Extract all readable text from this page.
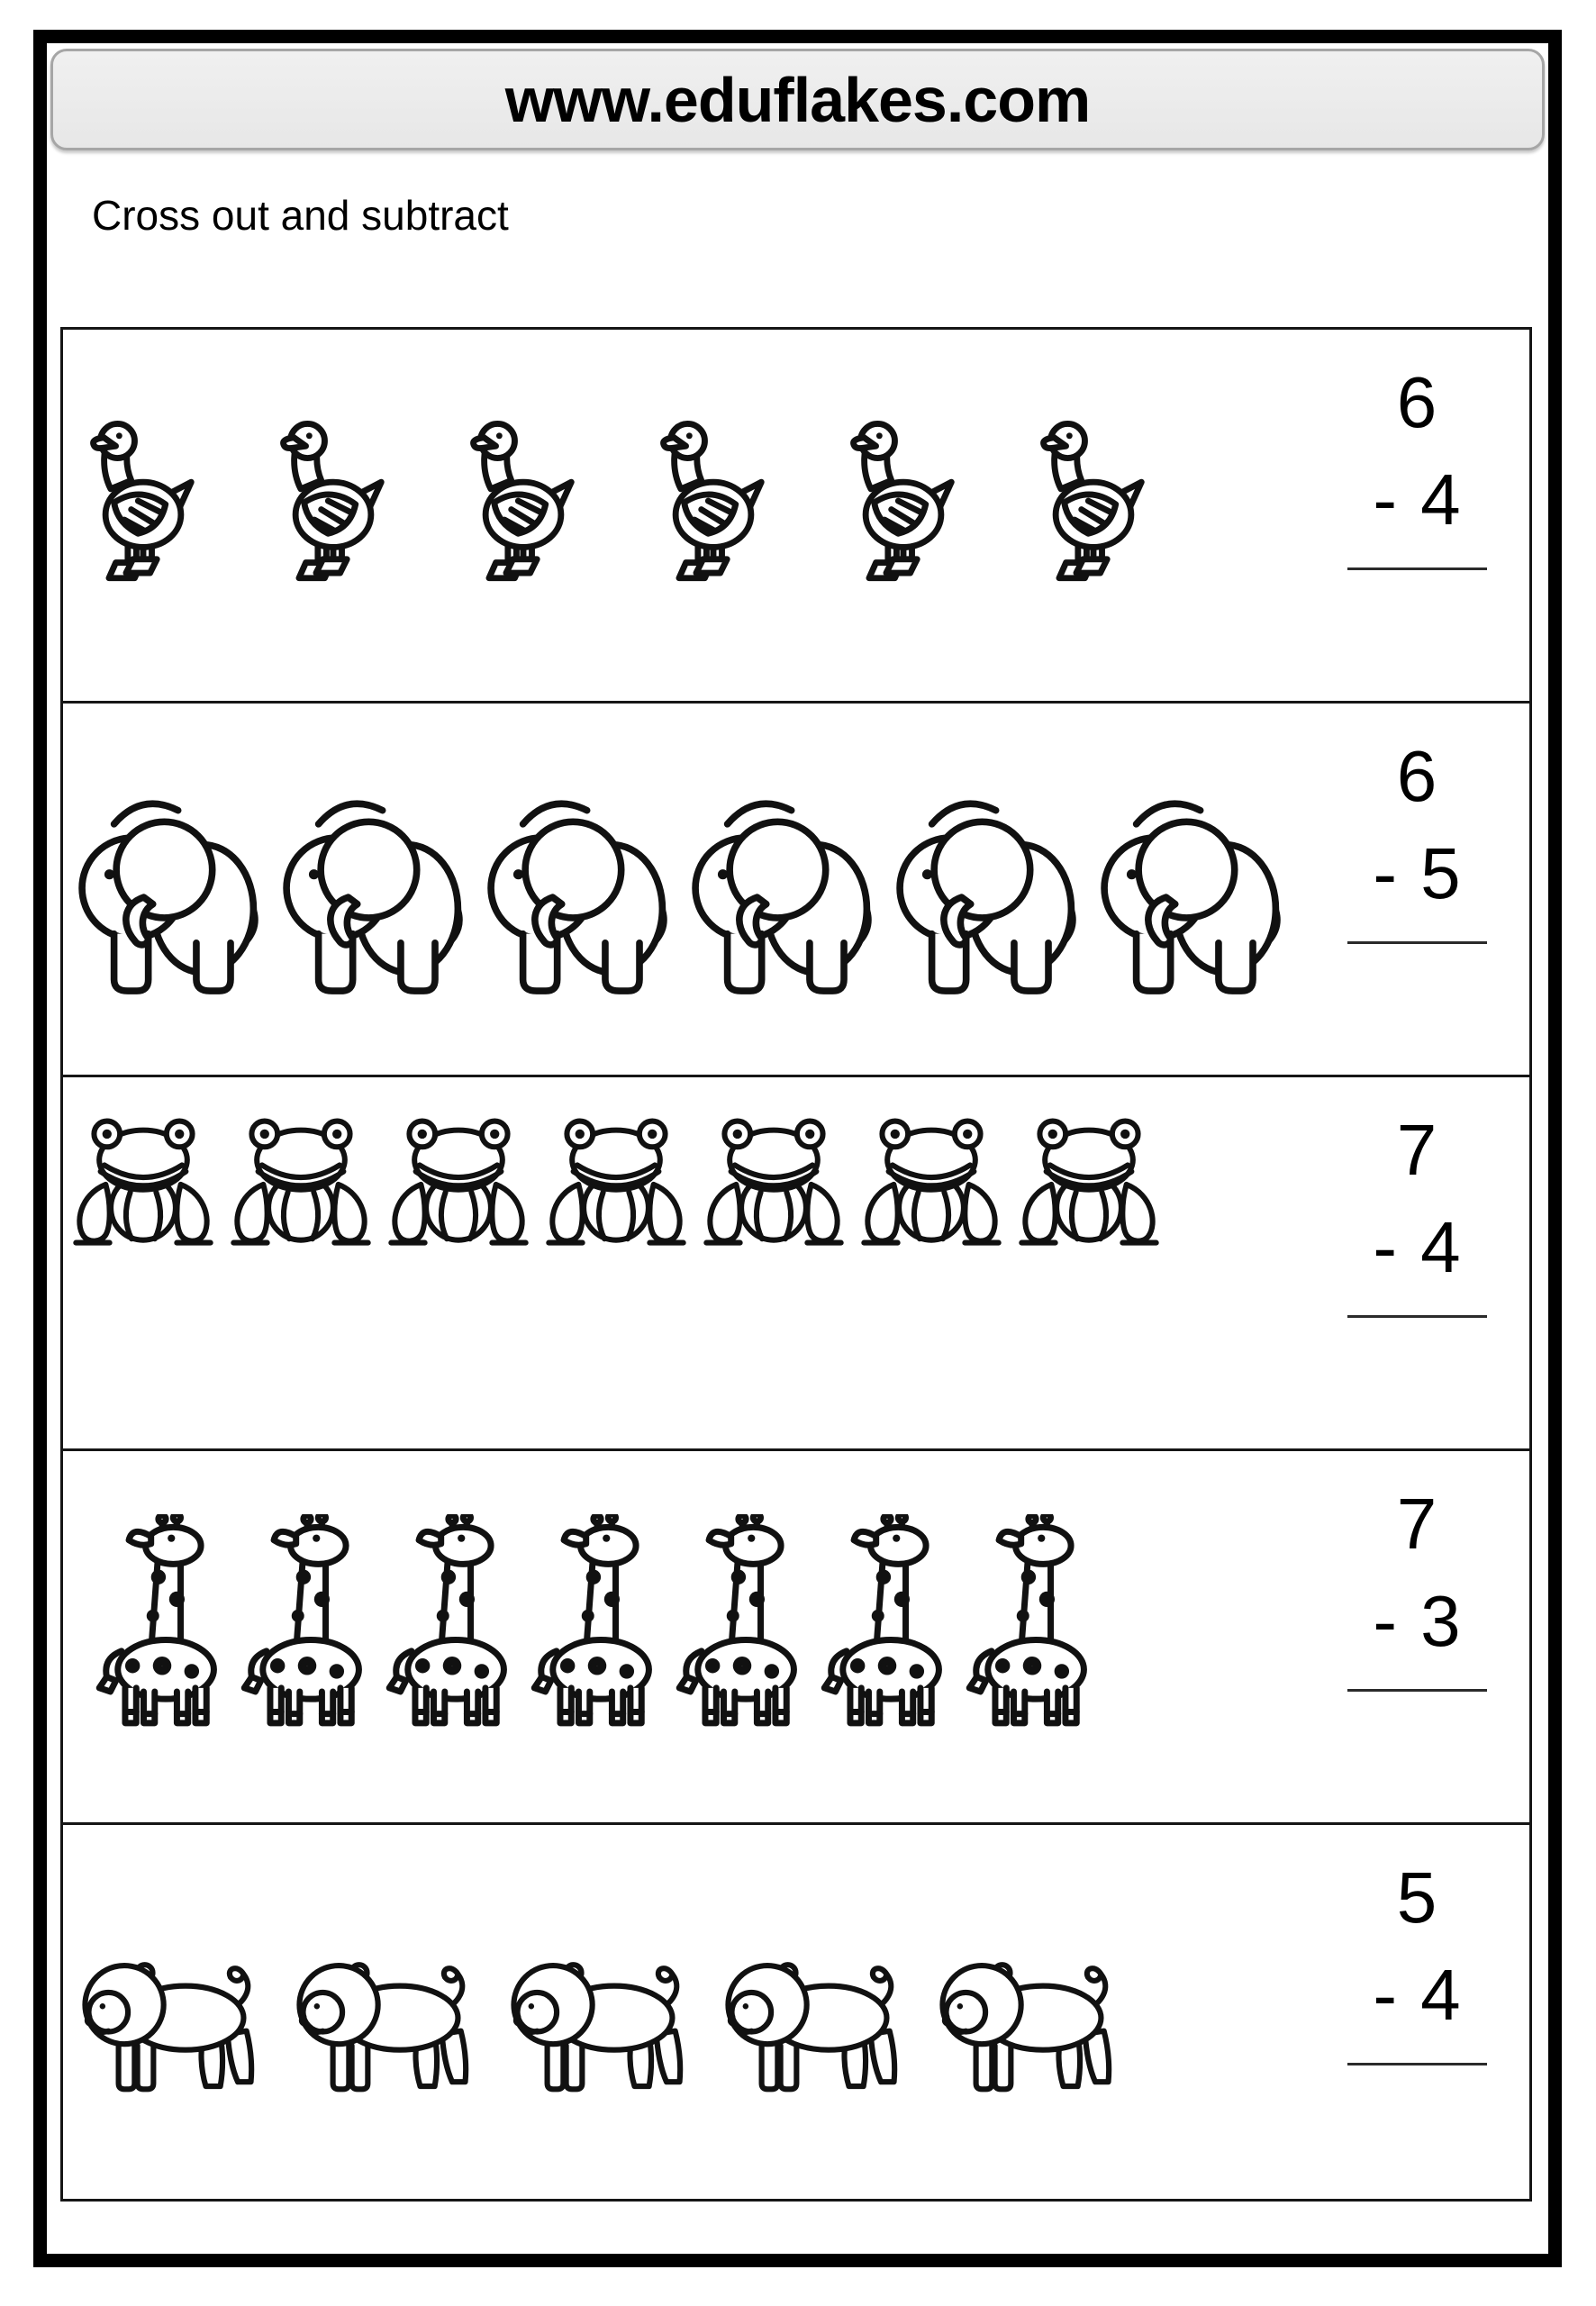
www.eduflakes.com

Cross out and subtract

6
- 4
6
- 5
7
- 4
7
- 3
5
- 4
